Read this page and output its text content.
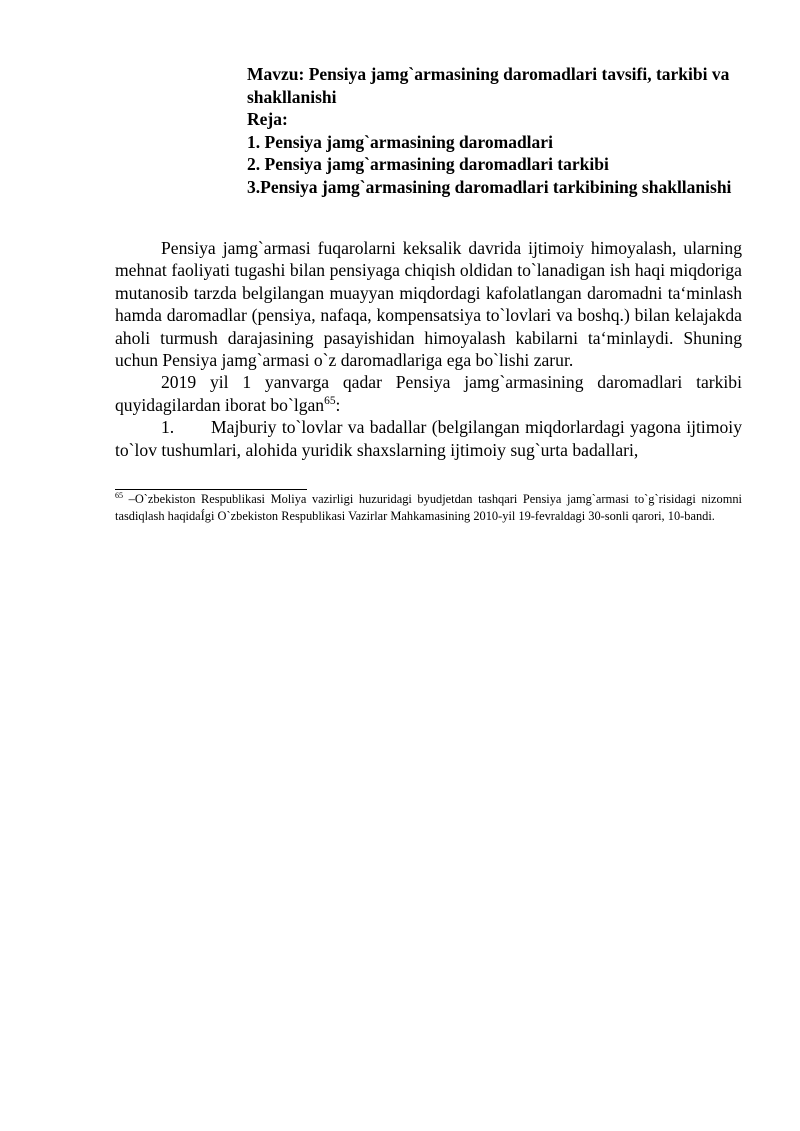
Mavzu: Pensiya jamg`armasining daromadlari tavsifi, tarkibi va shakllanishi
Reja:
1. Pensiya jamg`armasining daromadlari
2. Pensiya jamg`armasining daromadlari tarkibi
3.Pensiya jamg`armasining daromadlari tarkibining shakllanishi

Pensiya jamg`armasi fuqarolarni keksalik davrida ijtimoiy himoyalash, ularning mehnat faoliyati tugashi bilan pensiyaga chiqish oldidan to`lanadigan ish haqi miqdoriga mutanosib tarzda belgilangan muayyan miqdordagi kafolatlangan daromadni ta‘minlash hamda daromadlar (pensiya, nafaqa, kompensatsiya to`lovlari va boshq.) bilan kelajakda aholi turmush darajasining pasayishidan himoyalash kabilarni ta‘minlaydi. Shuning uchun Pensiya jamg`armasi o`z daromadlariga ega bo`lishi zarur.

2019 yil 1 yanvarga qadar Pensiya jamg`armasining daromadlari tarkibi quyidagilardan iborat bo`lgan$^{65}$:

1. Majburiy to`lovlar va badallar (belgilangan miqdorlardagi yagona ijtimoiy to`lov tushumlari, alohida yuridik shaxslarning ijtimoiy sug`urta badallari,

$^{65}$ –O`zbekiston Respublikasi Moliya vazirligi huzuridagi byudjetdan tashqari Pensiya jamg`armasi to`g`risidagi nizomni tasdiqlash haqidaÍgi O`zbekiston Respublikasi Vazirlar Mahkamasining 2010-yil 19-fevraldagi 30-sonli qarori, 10-bandi.
